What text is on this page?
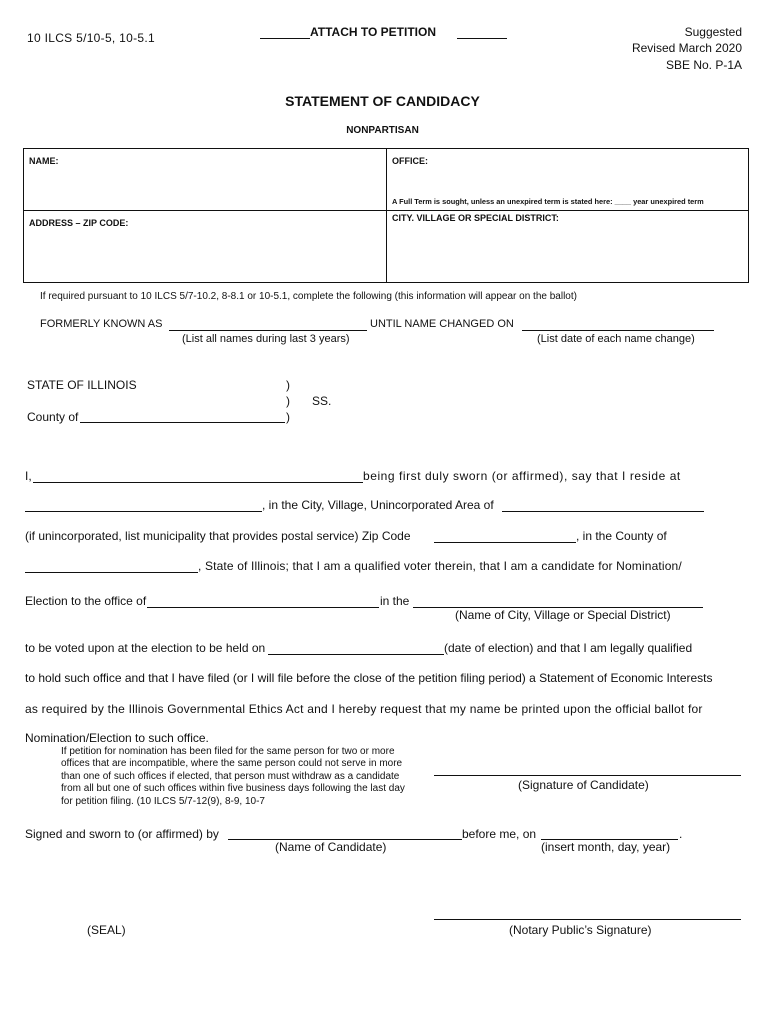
10 ILCS 5/10-5, 10-5.1	ATTACH TO PETITION	Suggested
Revised March 2020
SBE No. P-1A
STATEMENT OF CANDIDACY
NONPARTISAN
NAME:	OFFICE:
A Full Term is sought, unless an unexpired term is stated here: ____ year unexpired term
ADDRESS – ZIP CODE:	CITY. VILLAGE OR SPECIAL DISTRICT:
If required pursuant to 10 ILCS 5/7-10.2, 8-8.1 or 10-5.1, complete the following (this information will appear on the ballot)
FORMERLY KNOWN AS	UNTIL NAME CHANGED ON
(List all names during last 3 years)	(List date of each name change)
STATE OF ILLINOIS	)
) SS.
County of	)
I,	being first duly sworn (or affirmed), say that I reside at
, in the City, Village, Unincorporated Area of
(if unincorporated, list municipality that provides postal service) Zip Code	, in the County of
, State of Illinois; that I am a qualified voter therein, that I am a candidate for Nomination/
Election to the office of	in the
(Name of City, Village or Special District)
to be voted upon at the election to be held on	(date of election) and that I am legally qualified
to hold such office and that I have filed (or I will file before the close of the petition filing period) a Statement of Economic Interests
as required by the Illinois Governmental Ethics Act and I hereby request that my name be printed upon the official ballot for
Nomination/Election to such office.
If petition for nomination has been filed for the same person for two or more offices that are incompatible, where the same person could not serve in more than one of such offices if elected, that person must withdraw as a candidate from all but one of such offices within five business days following the last day for petition filing. (10 ILCS 5/7-12(9), 8-9, 10-7
(Signature of Candidate)
Signed and sworn to (or affirmed) by	before me, on	.
(Name of Candidate)	(insert month, day, year)
(SEAL)	(Notary Public’s Signature)
